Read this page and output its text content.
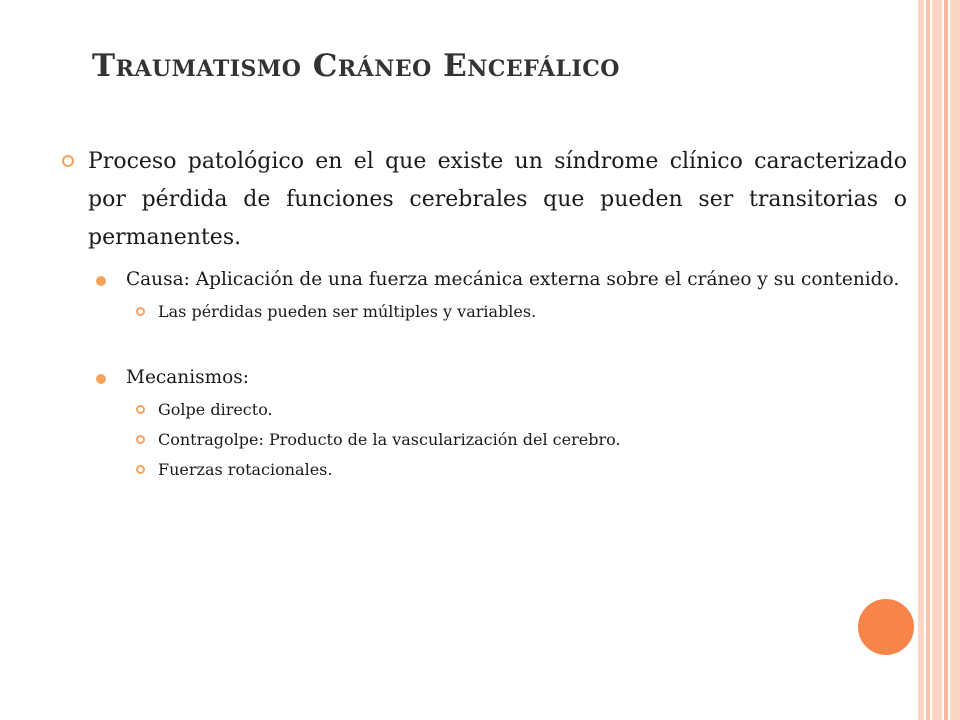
Traumatismo Cráneo Encefálico
Proceso patológico en el que existe un síndrome clínico caracterizado por pérdida de funciones cerebrales que pueden ser transitorias o permanentes.
Causa: Aplicación de una fuerza mecánica externa sobre el cráneo y su contenido.
Las pérdidas pueden ser múltiples y variables.
Mecanismos:
Golpe directo.
Contragolpe: Producto de la vascularización del cerebro.
Fuerzas rotacionales.
